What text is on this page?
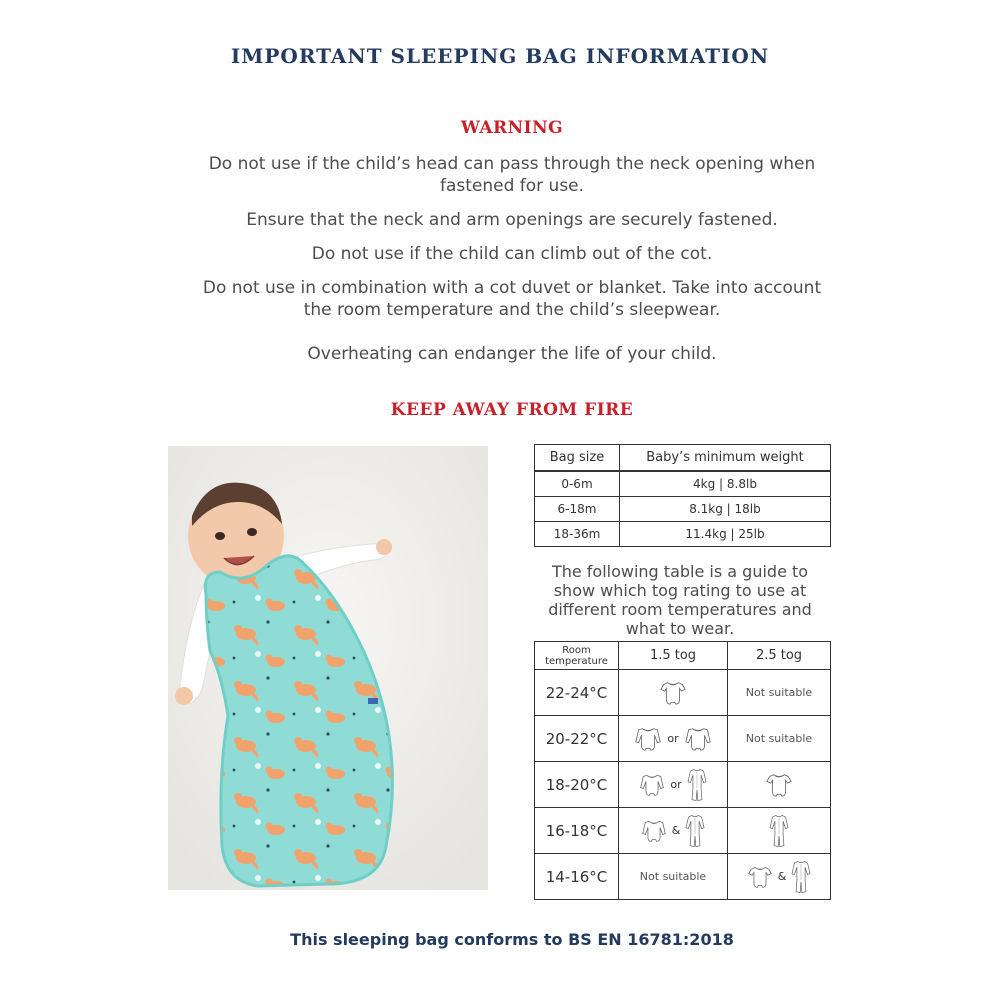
IMPORTANT SLEEPING BAG INFORMATION
WARNING
Do not use if the child’s head can pass through the neck opening when fastened for use.
Ensure that the neck and arm openings are securely fastened.
Do not use if the child can climb out of the cot.
Do not use in combination with a cot duvet or blanket. Take into account the room temperature and the child’s sleepwear.
Overheating can endanger the life of your child.
KEEP AWAY FROM FIRE
Bag size	Baby’s minimum weight
0-6m	4kg | 8.8lb
6-18m	8.1kg | 18lb
18-36m	11.4kg | 25lb
The following table is a guide to show which tog rating to use at different room temperatures and what to wear.
Room temperature	1.5 tog	2.5 tog
22-24°C		Not suitable
20-22°C	or	Not suitable
18-20°C	or	
16-18°C	&	
14-16°C	Not suitable	&
This sleeping bag conforms to BS EN 16781:2018
